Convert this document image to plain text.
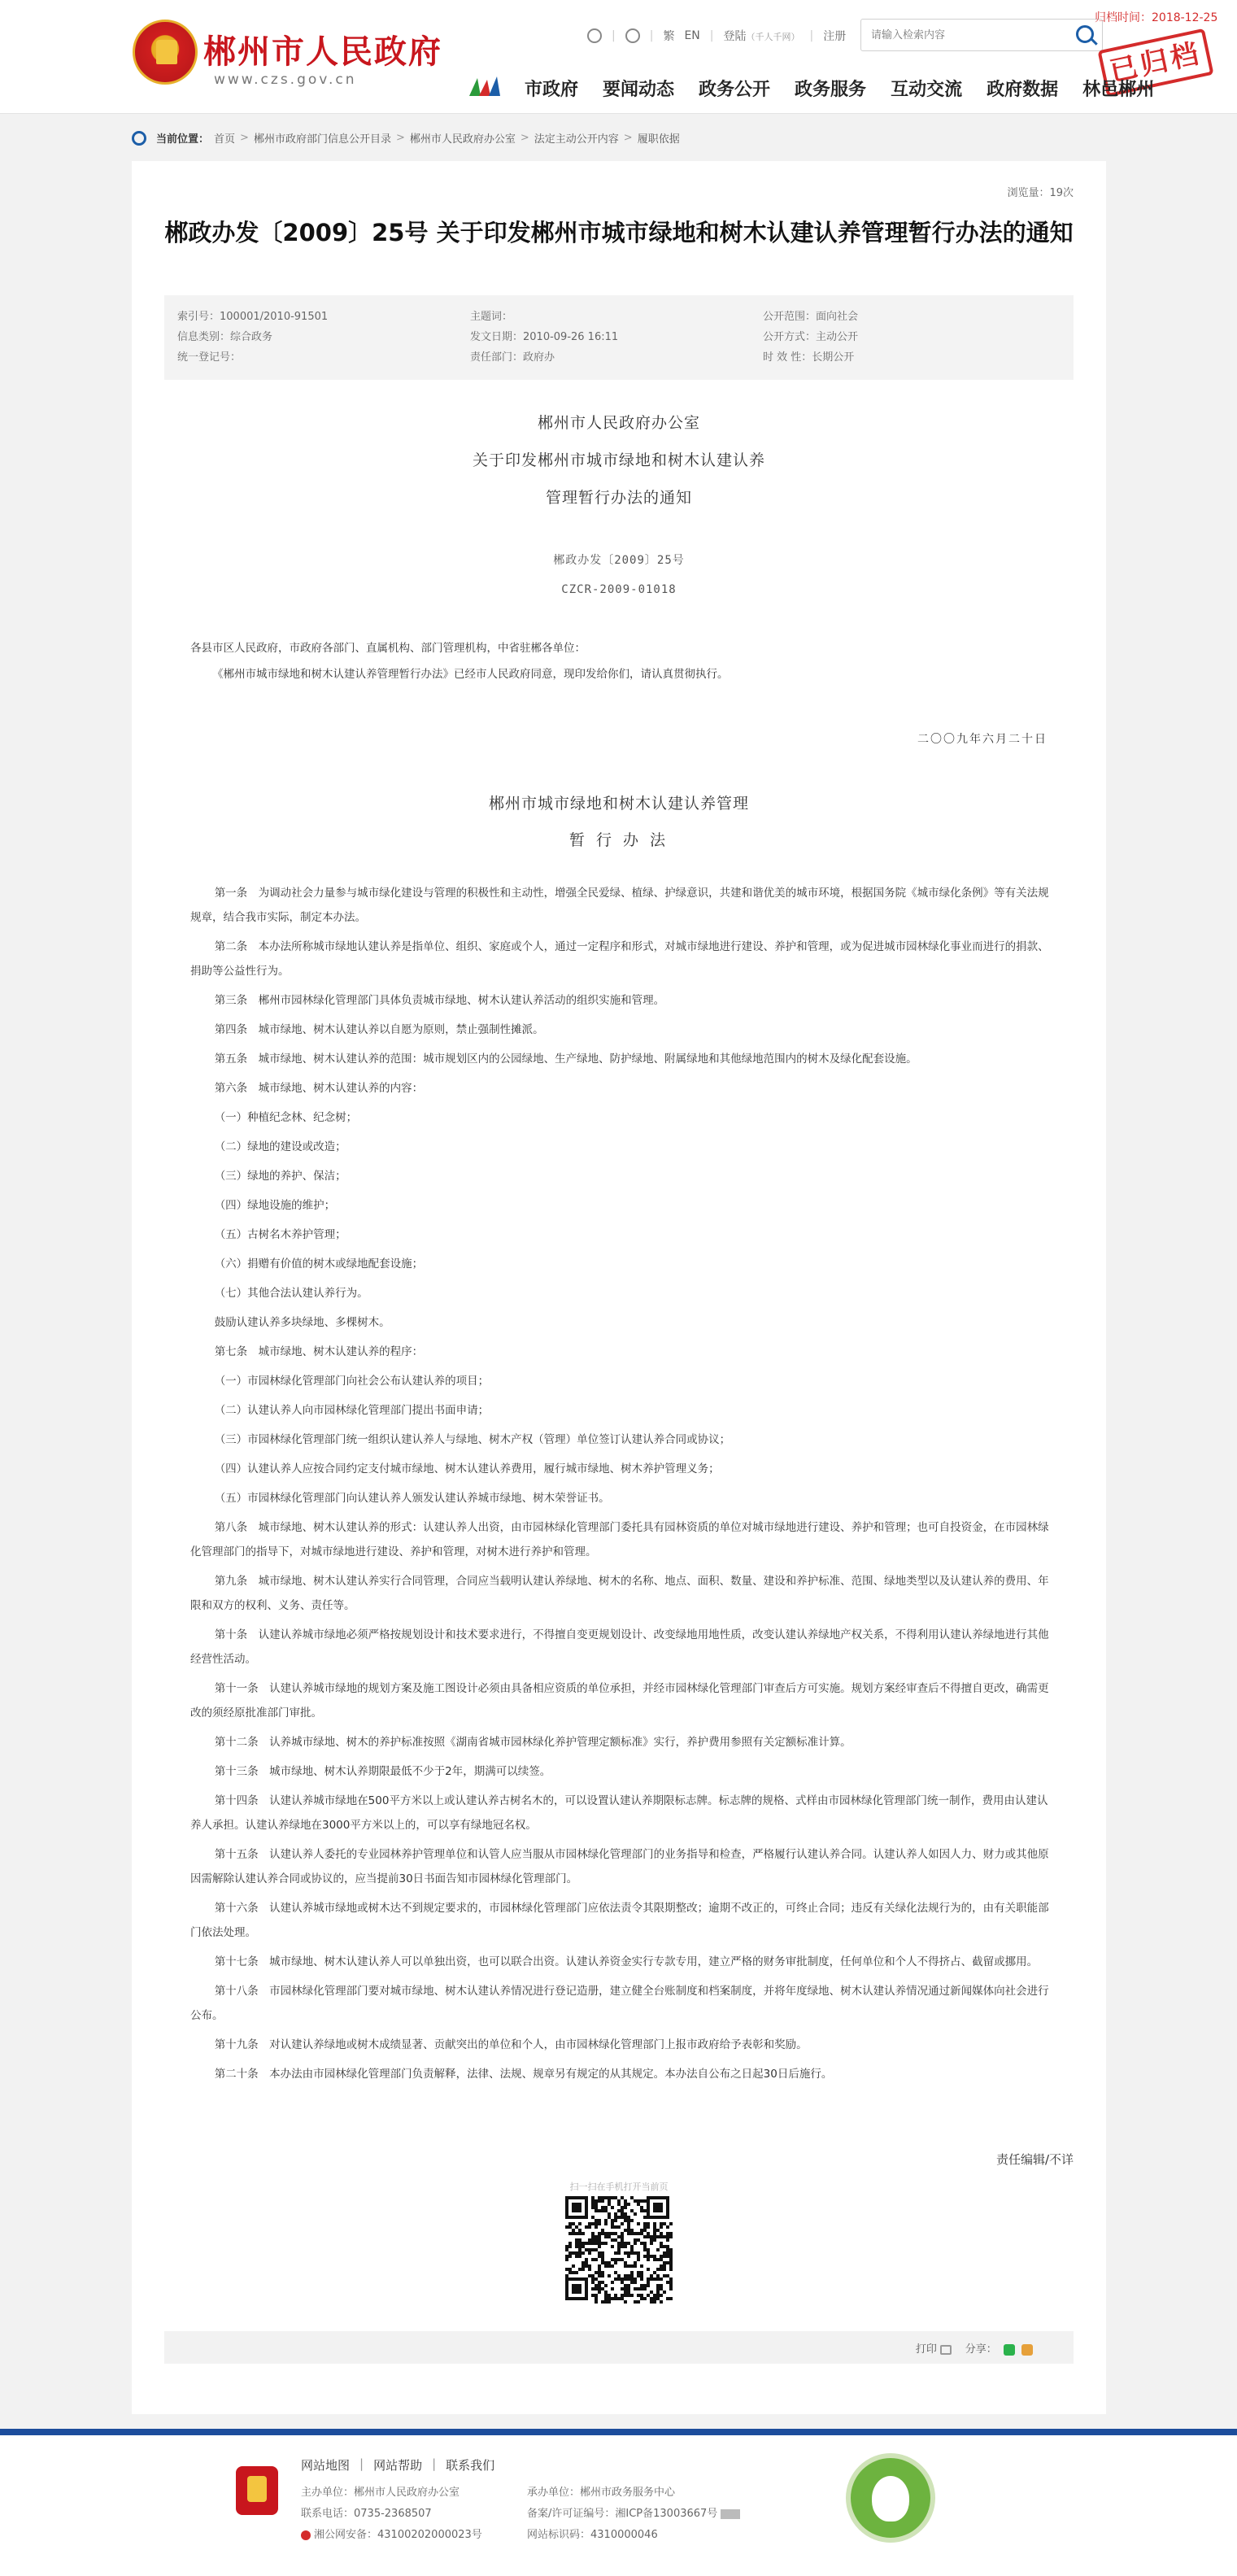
郴州市人民政府
www.czs.gov.cn
|	| 繁 EN | 登陆（千人千网） | 注册
请输入检索内容
归档时间：2018-12-25
已归档
市政府 要闻动态 政务公开 政务服务 互动交流 政府数据 林邑郴州
当前位置： 首页 > 郴州市政府部门信息公开目录 > 郴州市人民政府办公室 > 法定主动公开内容 > 履职依据
浏览量：19次
郴政办发〔2009〕25号 关于印发郴州市城市绿地和树木认建认养管理暂行办法的通知
索引号：100001/2010-91501	主题词：	公开范围：面向社会
信息类别：综合政务	发文日期：2010-09-26 16:11	公开方式：主动公开
统一登记号：	责任部门：政府办	时 效 性：长期公开
郴州市人民政府办公室
关于印发郴州市城市绿地和树木认建认养
管理暂行办法的通知
郴政办发〔2009〕25号
CZCR-2009-01018
各县市区人民政府，市政府各部门、直属机构、部门管理机构，中省驻郴各单位：
《郴州市城市绿地和树木认建认养管理暂行办法》已经市人民政府同意，现印发给你们，请认真贯彻执行。
二〇〇九年六月二十日
郴州市城市绿地和树木认建认养管理
暂 行 办 法

第一条　为调动社会力量参与城市绿化建设与管理的积极性和主动性，增强全民爱绿、植绿、护绿意识，共建和谐优美的城市环境，根据国务院《城市绿化条例》等有关法规规章，结合我市实际，制定本办法。

第二条　本办法所称城市绿地认建认养是指单位、组织、家庭或个人，通过一定程序和形式，对城市绿地进行建设、养护和管理，或为促进城市园林绿化事业而进行的捐款、捐助等公益性行为。

第三条　郴州市园林绿化管理部门具体负责城市绿地、树木认建认养活动的组织实施和管理。

第四条　城市绿地、树木认建认养以自愿为原则，禁止强制性摊派。

第五条　城市绿地、树木认建认养的范围：城市规划区内的公园绿地、生产绿地、防护绿地、附属绿地和其他绿地范围内的树木及绿化配套设施。

第六条　城市绿地、树木认建认养的内容：

（一）种植纪念林、纪念树；

（二）绿地的建设或改造；

（三）绿地的养护、保洁；

（四）绿地设施的维护；

（五）古树名木养护管理；

（六）捐赠有价值的树木或绿地配套设施；

（七）其他合法认建认养行为。

鼓励认建认养多块绿地、多棵树木。

第七条　城市绿地、树木认建认养的程序：

（一）市园林绿化管理部门向社会公布认建认养的项目；

（二）认建认养人向市园林绿化管理部门提出书面申请；

（三）市园林绿化管理部门统一组织认建认养人与绿地、树木产权（管理）单位签订认建认养合同或协议；

（四）认建认养人应按合同约定支付城市绿地、树木认建认养费用，履行城市绿地、树木养护管理义务；

（五）市园林绿化管理部门向认建认养人颁发认建认养城市绿地、树木荣誉证书。

第八条　城市绿地、树木认建认养的形式：认建认养人出资，由市园林绿化管理部门委托具有园林资质的单位对城市绿地进行建设、养护和管理；也可自投资金，在市园林绿化管理部门的指导下，对城市绿地进行建设、养护和管理，对树木进行养护和管理。

第九条　城市绿地、树木认建认养实行合同管理，合同应当载明认建认养绿地、树木的名称、地点、面积、数量、建设和养护标准、范围、绿地类型以及认建认养的费用、年限和双方的权利、义务、责任等。

第十条　认建认养城市绿地必须严格按规划设计和技术要求进行，不得擅自变更规划设计、改变绿地用地性质，改变认建认养绿地产权关系，不得利用认建认养绿地进行其他经营性活动。

第十一条　认建认养城市绿地的规划方案及施工图设计必须由具备相应资质的单位承担，并经市园林绿化管理部门审查后方可实施。规划方案经审查后不得擅自更改，确需更改的须经原批准部门审批。

第十二条　认养城市绿地、树木的养护标准按照《湖南省城市园林绿化养护管理定额标准》实行，养护费用参照有关定额标准计算。

第十三条　城市绿地、树木认养期限最低不少于2年，期满可以续签。

第十四条　认建认养城市绿地在500平方米以上或认建认养古树名木的，可以设置认建认养期限标志牌。标志牌的规格、式样由市园林绿化管理部门统一制作，费用由认建认养人承担。认建认养绿地在3000平方米以上的，可以享有绿地冠名权。

第十五条　认建认养人委托的专业园林养护管理单位和认管人应当服从市园林绿化管理部门的业务指导和检查，严格履行认建认养合同。认建认养人如因人力、财力或其他原因需解除认建认养合同或协议的，应当提前30日书面告知市园林绿化管理部门。

第十六条　认建认养城市绿地或树木达不到规定要求的，市园林绿化管理部门应依法责令其限期整改；逾期不改正的，可终止合同；违反有关绿化法规行为的，由有关职能部门依法处理。

第十七条　城市绿地、树木认建认养人可以单独出资，也可以联合出资。认建认养资金实行专款专用，建立严格的财务审批制度，任何单位和个人不得挤占、截留或挪用。

第十八条　市园林绿化管理部门要对城市绿地、树木认建认养情况进行登记造册，建立健全台账制度和档案制度，并将年度绿地、树木认建认养情况通过新闻媒体向社会进行公布。

第十九条　对认建认养绿地或树木成绩显著、贡献突出的单位和个人，由市园林绿化管理部门上报市政府给予表彰和奖励。

第二十条　本办法由市园林绿化管理部门负责解释，法律、法规、规章另有规定的从其规定。本办法自公布之日起30日后施行。

责任编辑/不详
扫一扫在手机打开当前页
打印	分享：
网站地图 | 网站帮助 | 联系我们
主办单位：郴州市人民政府办公室
联系电话：0735-2368507
湘公网安备：43100202000023号
承办单位：郴州市政务服务中心
备案/许可证编号：湘ICP备13003667号
网站标识码：4310000046
